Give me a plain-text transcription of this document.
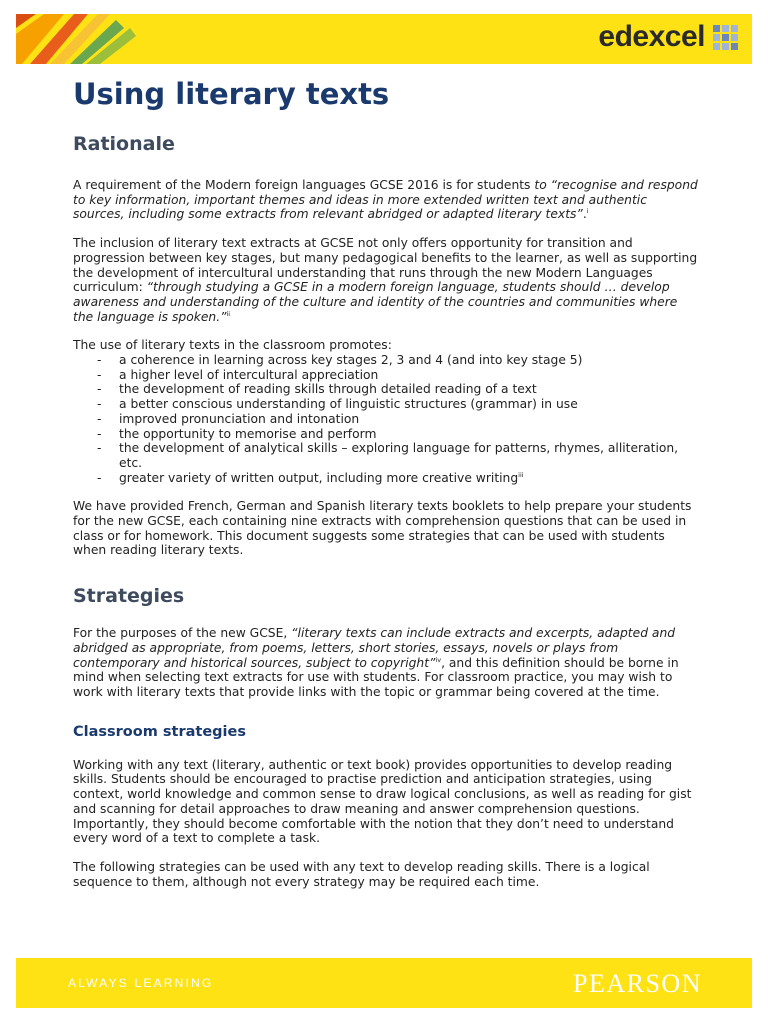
edexcel
Using literary texts
Rationale

A requirement of the Modern foreign languages GCSE 2016 is for students to “recognise and respond to key information, important themes and ideas in more extended written text and authentic sources, including some extracts from relevant abridged or adapted literary texts”.$^i$

The inclusion of literary text extracts at GCSE not only offers opportunity for transition and progression between key stages, but many pedagogical benefits to the learner, as well as supporting the development of intercultural understanding that runs through the new Modern Languages curriculum: “through studying a GCSE in a modern foreign language, students should … develop awareness and understanding of the culture and identity of the countries and communities where the language is spoken.”$^{ii}$

The use of literary texts in the classroom promotes:

- a coherence in learning across key stages 2, 3 and 4 (and into key stage 5)
- a higher level of intercultural appreciation
- the development of reading skills through detailed reading of a text
- a better conscious understanding of linguistic structures (grammar) in use
- improved pronunciation and intonation
- the opportunity to memorise and perform
- the development of analytical skills – exploring language for patterns, rhymes, alliteration, etc.
- greater variety of written output, including more creative writing$^{iii}$

We have provided French, German and Spanish literary texts booklets to help prepare your students for the new GCSE, each containing nine extracts with comprehension questions that can be used in class or for homework. This document suggests some strategies that can be used with students when reading literary texts.

Strategies

For the purposes of the new GCSE, “literary texts can include extracts and excerpts, adapted and abridged as appropriate, from poems, letters, short stories, essays, novels or plays from contemporary and historical sources, subject to copyright”$^{iv}$, and this definition should be borne in mind when selecting text extracts for use with students. For classroom practice, you may wish to work with literary texts that provide links with the topic or grammar being covered at the time.

Classroom strategies

Working with any text (literary, authentic or text book) provides opportunities to develop reading skills. Students should be encouraged to practise prediction and anticipation strategies, using context, world knowledge and common sense to draw logical conclusions, as well as reading for gist and scanning for detail approaches to draw meaning and answer comprehension questions. Importantly, they should become comfortable with the notion that they don’t need to understand every word of a text to complete a task.

The following strategies can be used with any text to develop reading skills. There is a logical sequence to them, although not every strategy may be required each time.

ALWAYS LEARNING	PEARSON
